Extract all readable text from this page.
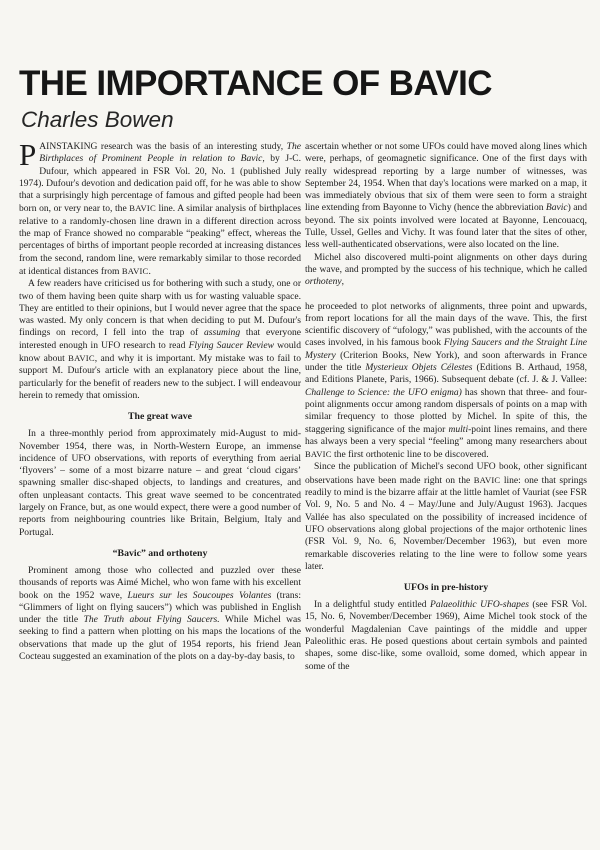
THE IMPORTANCE OF BAVIC
Charles Bowen

PAINSTAKING research was the basis of an interesting study, The Birthplaces of Prominent People in relation to Bavic, by J-C. Dufour, which appeared in FSR Vol. 20, No. 1 (published July 1974). Dufour's devotion and dedication paid off, for he was able to show that a surprisingly high percentage of famous and gifted people had been born on, or very near to, the BAVIC line. A similar analysis of birthplaces relative to a randomly-chosen line drawn in a different direction across the map of France showed no comparable “peaking” effect, whereas the percentages of births of important people recorded at increasing distances from the second, random line, were remarkably similar to those recorded at identical distances from BAVIC.

A few readers have criticised us for bothering with such a study, one or two of them having been quite sharp with us for wasting valuable space. They are entitled to their opinions, but I would never agree that the space was wasted. My only concern is that when deciding to put M. Dufour's findings on record, I fell into the trap of assuming that everyone interested enough in UFO research to read Flying Saucer Review would know about BAVIC, and why it is important. My mistake was to fail to support M. Dufour's article with an explanatory piece about the line, particularly for the benefit of readers new to the subject. I will endeavour herein to remedy that omission.

The great wave

In a three-monthly period from approximately mid-August to mid-November 1954, there was, in North-Western Europe, an immense incidence of UFO observations, with reports of everything from aerial ‘flyovers’ – some of a most bizarre nature – and great ‘cloud cigars’ spawning smaller disc-shaped objects, to landings and creatures, and often unpleasant contacts. This great wave seemed to be concentrated largely on France, but, as one would expect, there were a good number of reports from neighbouring countries like Britain, Belgium, Italy and Portugal.

“Bavic” and orthoteny

Prominent among those who collected and puzzled over these thousands of reports was Aimé Michel, who won fame with his excellent book on the 1952 wave, Lueurs sur les Soucoupes Volantes (trans: “Glimmers of light on flying saucers”) which was published in English under the title The Truth about Flying Saucers. While Michel was seeking to find a pattern when plotting on his maps the locations of the observations that made up the glut of 1954 reports, his friend Jean Cocteau suggested an examination of the plots on a day-by-day basis, to

ascertain whether or not some UFOs could have moved along lines which were, perhaps, of geomagnetic significance. One of the first days with really widespread reporting by a large number of witnesses, was September 24, 1954. When that day's locations were marked on a map, it was immediately obvious that six of them were seen to form a straight line extending from Bayonne to Vichy (hence the abbreviation Bavic) and beyond. The six points involved were located at Bayonne, Lencouacq, Tulle, Ussel, Gelles and Vichy. It was found later that the sites of other, less well-authenticated observations, were also located on the line.

Michel also discovered multi-point alignments on other days during the wave, and prompted by the success of his technique, which he called orthoteny,

he proceeded to plot networks of alignments, three point and upwards, from report locations for all the main days of the wave. This, the first scientific discovery of “ufology,” was published, with the accounts of the cases involved, in his famous book Flying Saucers and the Straight Line Mystery (Criterion Books, New York), and soon afterwards in France under the title Mysterieux Objets Célestes (Editions B. Arthaud, 1958, and Editions Planete, Paris, 1966). Subsequent debate (cf. J. & J. Vallee: Challenge to Science: the UFO enigma) has shown that three- and four-point alignments occur among random dispersals of points on a map with similar frequency to those plotted by Michel. In spite of this, the staggering significance of the major multi-point lines remains, and there has always been a very special “feeling” among many researchers about BAVIC the first orthotenic line to be discovered.

Since the publication of Michel's second UFO book, other significant observations have been made right on the BAVIC line: one that springs readily to mind is the bizarre affair at the little hamlet of Vauriat (see FSR Vol. 9, No. 5 and No. 4 – May/June and July/August 1963). Jacques Vallée has also speculated on the possibility of increased incidence of UFO observations along global projections of the major orthotenic lines (FSR Vol. 9, No. 6, November/December 1963), but even more remarkable discoveries relating to the line were to follow some years later.

UFOs in pre-history

In a delightful study entitled Palaeolithic UFO-shapes (see FSR Vol. 15, No. 6, November/December 1969), Aime Michel took stock of the wonderful Magdalenian Cave paintings of the middle and upper Paleolithic eras. He posed questions about certain symbols and painted shapes, some disc-like, some ovalloid, some domed, which appear in some of the
